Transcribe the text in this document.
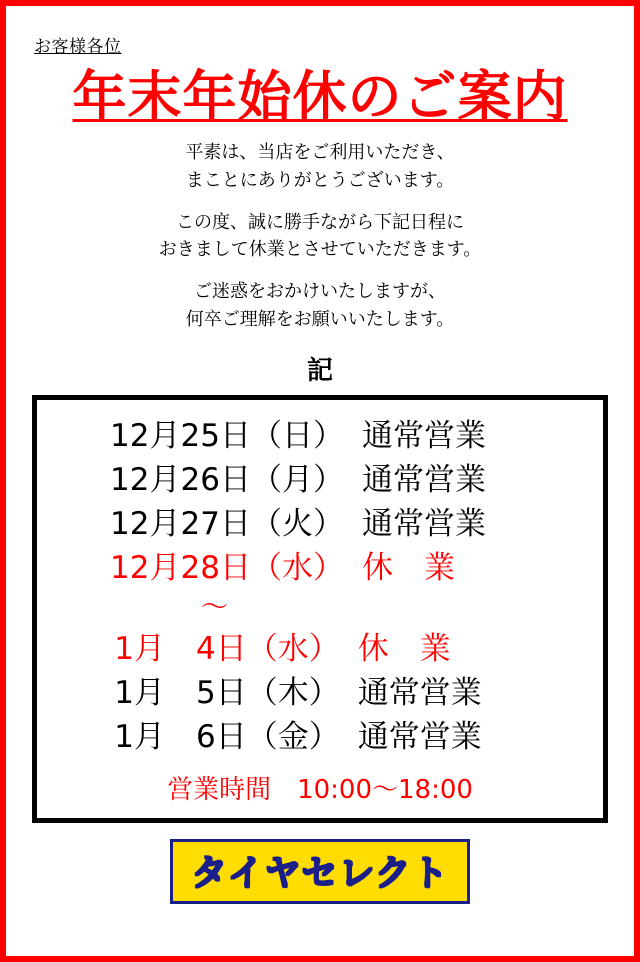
お客様各位
年末年始休のご案内

平素は、当店をご利用いただき、

まことにありがとうございます。

この度、誠に勝手ながら下記日程に

おきまして休業とさせていただきます。

ご迷惑をおかけいたしますが、

何卒ご理解をお願いいたします。

記
12月25日 （日） 通常営業
12月26日 （月） 通常営業
12月27日 （火） 通常営業
12月28日 （水） 休　業
〜
1月　4日 （水） 休　業
1月　5日 （木） 通常営業
1月　6日 （金） 通常営業
営業時間　10:00〜18:00
タイヤセレクト
